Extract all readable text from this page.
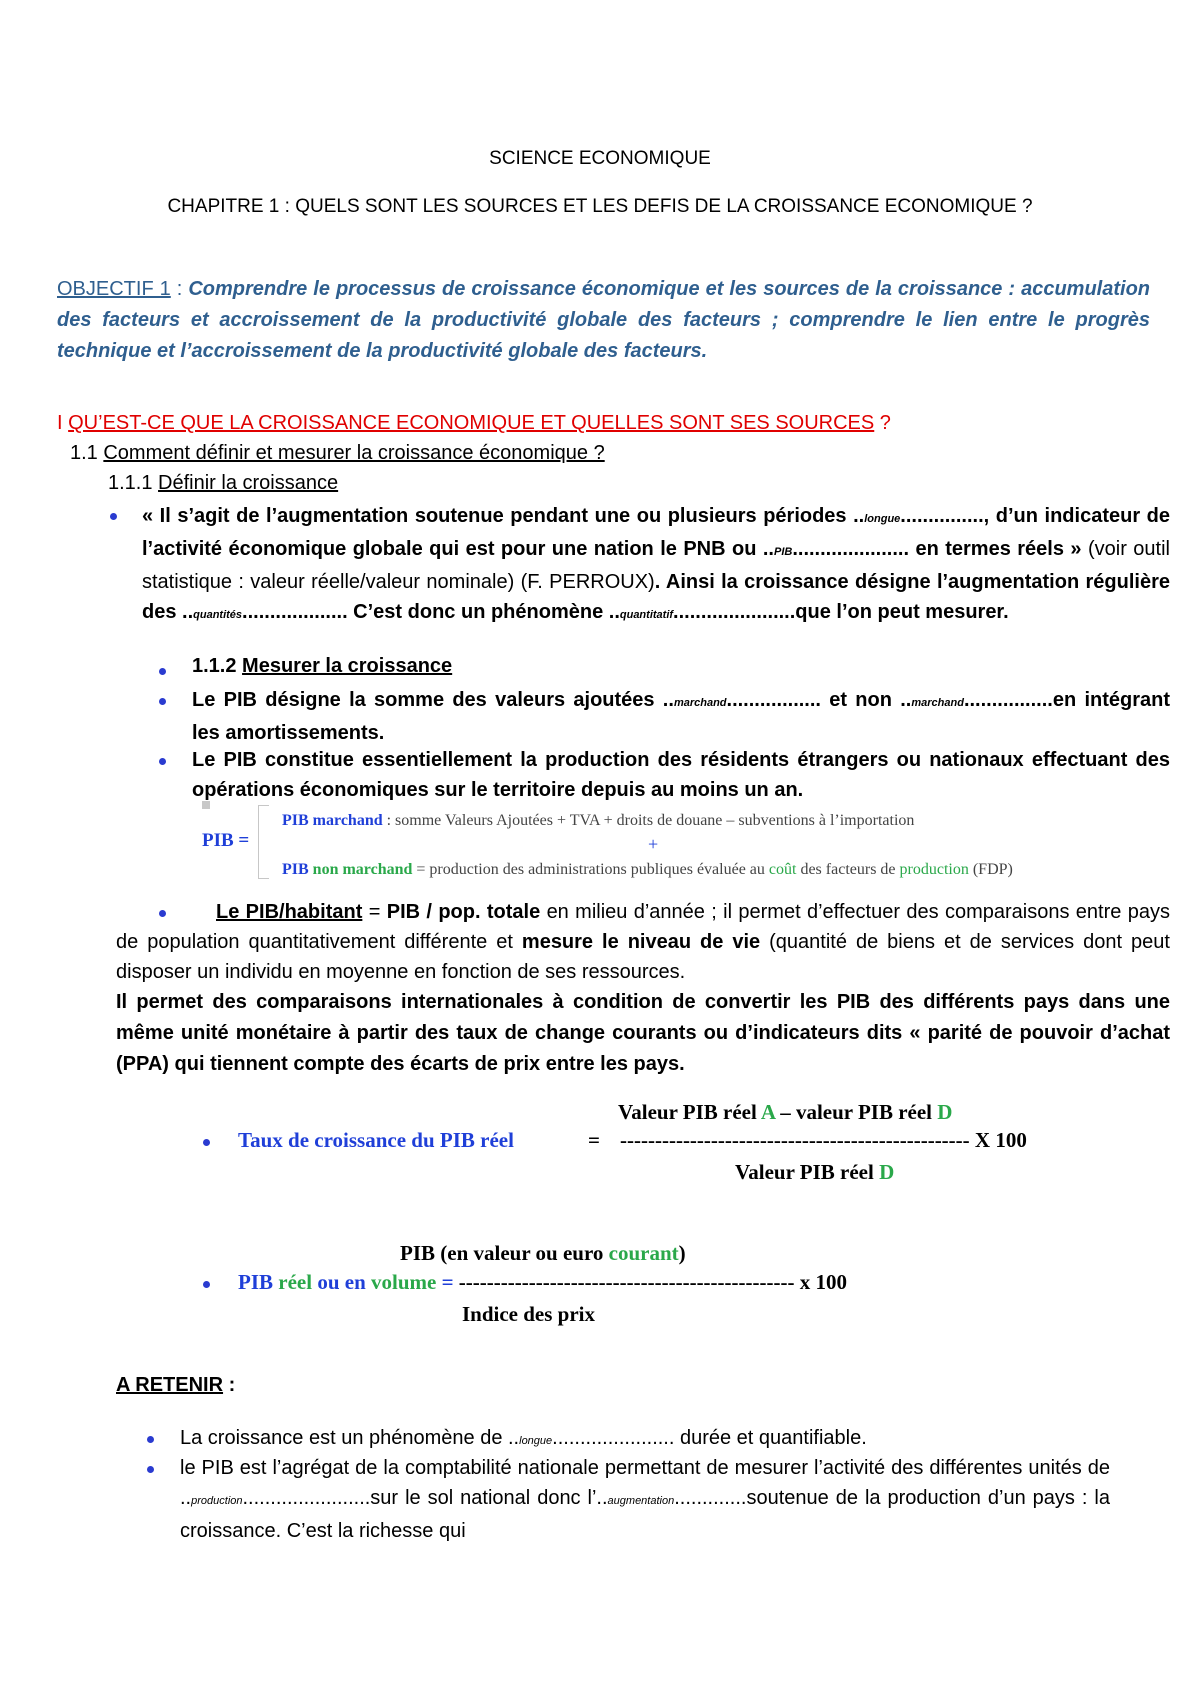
SCIENCE ECONOMIQUE
CHAPITRE 1 : QUELS SONT LES SOURCES ET LES DEFIS DE LA CROISSANCE ECONOMIQUE ?
OBJECTIF 1 : Comprendre le processus de croissance économique et les sources de la croissance : accumulation des facteurs et accroissement de la productivité globale des facteurs ; comprendre le lien entre le progrès technique et l’accroissement de la productivité globale des facteurs.
I QU’EST-CE QUE LA CROISSANCE ECONOMIQUE ET QUELLES SONT SES SOURCES ?
1.1 Comment définir et mesurer la croissance économique ?
1.1.1 Définir la croissance
« Il s’agit de l’augmentation soutenue pendant une ou plusieurs périodes ..longue..............., d’un indicateur de l’activité économique globale qui est pour une nation le PNB ou ..PIB..................... en termes réels » (voir outil statistique : valeur réelle/valeur nominale) (F. PERROUX). Ainsi la croissance désigne l’augmentation régulière des ..quantités................... C’est donc un phénomène ..quantitatif......................que l’on peut mesurer.
1.1.2 Mesurer la croissance
Le PIB désigne la somme des valeurs ajoutées ..marchand................. et non ..marchand................en intégrant les amortissements.
Le PIB constitue essentiellement la production des résidents étrangers ou nationaux effectuant des opérations économiques sur le territoire depuis au moins un an.
PIB =
PIB marchand : somme Valeurs Ajoutées + TVA + droits de douane – subventions à l’importation
+
PIB non marchand = production des administrations publiques évaluée au coût des facteurs de production (FDP)
Le PIB/habitant = PIB / pop. totale en milieu d’année ; il permet d’effectuer des comparaisons entre pays de population quantitativement différente et mesure le niveau de vie (quantité de biens et de services dont peut disposer un individu en moyenne en fonction de ses ressources.
Il permet des comparaisons internationales à condition de convertir les PIB des différents pays dans une même unité monétaire à partir des taux de change courants ou d’indicateurs dits « parité de pouvoir d’achat (PPA) qui tiennent compte des écarts de prix entre les pays.
Valeur PIB réel A – valeur PIB réel D
Taux de croissance du PIB réel	= -------------------------------------------------- X 100
Valeur PIB réel D
PIB (en valeur ou euro courant)
PIB réel ou en volume = ------------------------------------------------ x 100
Indice des prix
A RETENIR :
La croissance est un phénomène de ..longue...................... durée et quantifiable.
le PIB est l’agrégat de la comptabilité nationale permettant de mesurer l’activité des différentes unités de ..production.......................sur le sol national donc l’..augmentation.............soutenue de la production d’un pays : la croissance. C’est la richesse qui
